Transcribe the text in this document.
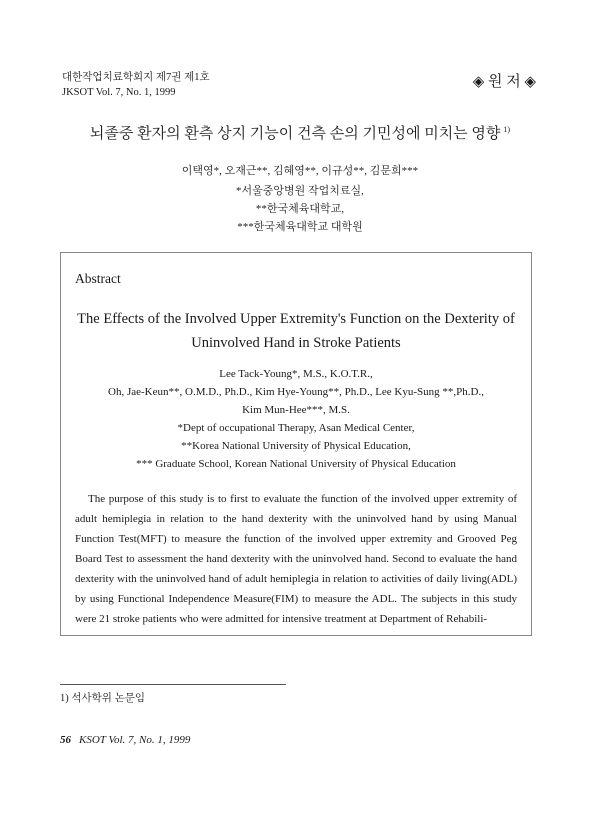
대한작업치료학회지 제7권 제1호
JKSOT Vol. 7, No. 1, 1999
◈ 원 저 ◈
뇌졸중 환자의 환측 상지 기능이 건측 손의 기민성에 미치는 영향 $^{1)}$
이택영*, 오재근**, 김혜영**, 이규성**, 김문희***
*서울중앙병원 작업치료실,
**한국체육대학교,
***한국체육대학교 대학원
Abstract
The Effects of the Involved Upper Extremity's Function on the Dexterity of
Uninvolved Hand in Stroke Patients
Lee Tack-Young*, M.S., K.O.T.R.,
Oh, Jae-Keun**, O.M.D., Ph.D., Kim Hye-Young**, Ph.D., Lee Kyu-Sung **,Ph.D.,
Kim Mun-Hee***, M.S.
*Dept of occupational Therapy, Asan Medical Center,
**Korea National University of Physical Education,
*** Graduate School, Korean National University of Physical Education

The purpose of this study is to first to evaluate the function of the involved upper extremity of adult hemiplegia in relation to the hand dexterity with the uninvolved hand by using Manual Function Test(MFT) to measure the function of the involved upper extremity and Grooved Peg Board Test to assessment the hand dexterity with the uninvolved hand. Second to evaluate the hand dexterity with the uninvolved hand of adult hemiplegia in relation to activities of daily living(ADL) by using Functional Independence Measure(FIM) to measure the ADL. The subjects in this study were 21 stroke patients who were admitted for intensive treatment at Department of Rehabili-

1) 석사학위 논문임
56 KSOT Vol. 7, No. 1, 1999
